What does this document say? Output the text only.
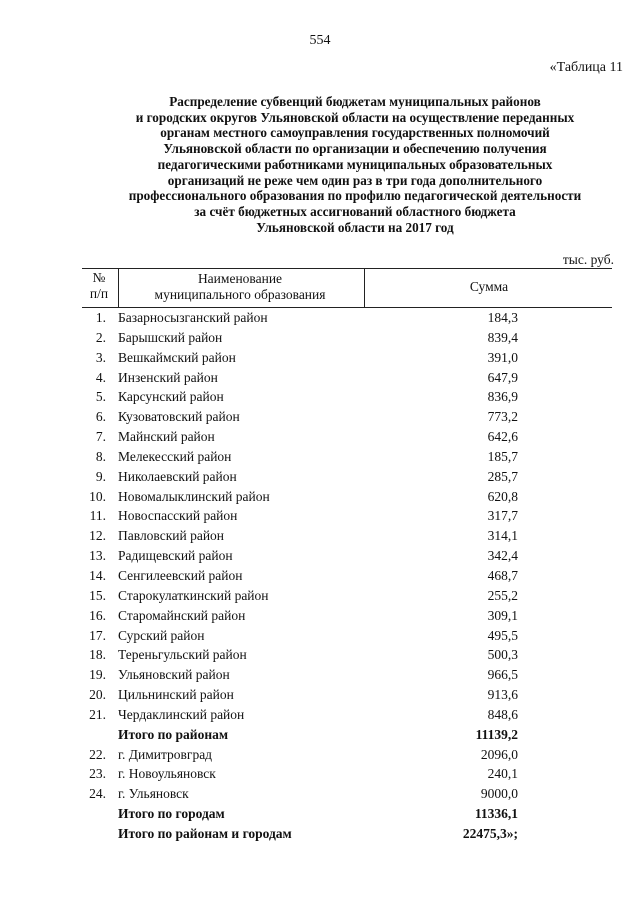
554
«Таблица 11
Распределение субвенций бюджетам муниципальных районов
и городских округов Ульяновской области на осуществление переданных
органам местного самоуправления государственных полномочий
Ульяновской области по организации и обеспечению получения
педагогическими работниками муниципальных образовательных
организаций не реже чем один раз в три года дополнительного
профессионального образования по профилю педагогической деятельности
за счёт бюджетных ассигнований областного бюджета
Ульяновской области на 2017 год
тыс. руб.
№
п/п
Наименование
муниципального образования
Сумма
1. Базарносызганский район	184,3
2. Барышский район	839,4
3. Вешкаймский район	391,0
4. Инзенский район	647,9
5. Карсунский район	836,9
6. Кузоватовский район	773,2
7. Майнский район	642,6
8. Мелекесский район	185,7
9. Николаевский район	285,7
10. Новомалыклинский район	620,8
11. Новоспасский район	317,7
12. Павловский район	314,1
13. Радищевский район	342,4
14. Сенгилеевский район	468,7
15. Старокулаткинский район	255,2
16. Старомайнский район	309,1
17. Сурский район	495,5
18. Тереньгульский район	500,3
19. Ульяновский район	966,5
20. Цильнинский район	913,6
21. Чердаклинский район	848,6
Итого по районам	11139,2
22. г. Димитровград	2096,0
23. г. Новоульяновск	240,1
24. г. Ульяновск	9000,0
Итого по городам	11336,1
Итого по районам и городам	22475,3»;
